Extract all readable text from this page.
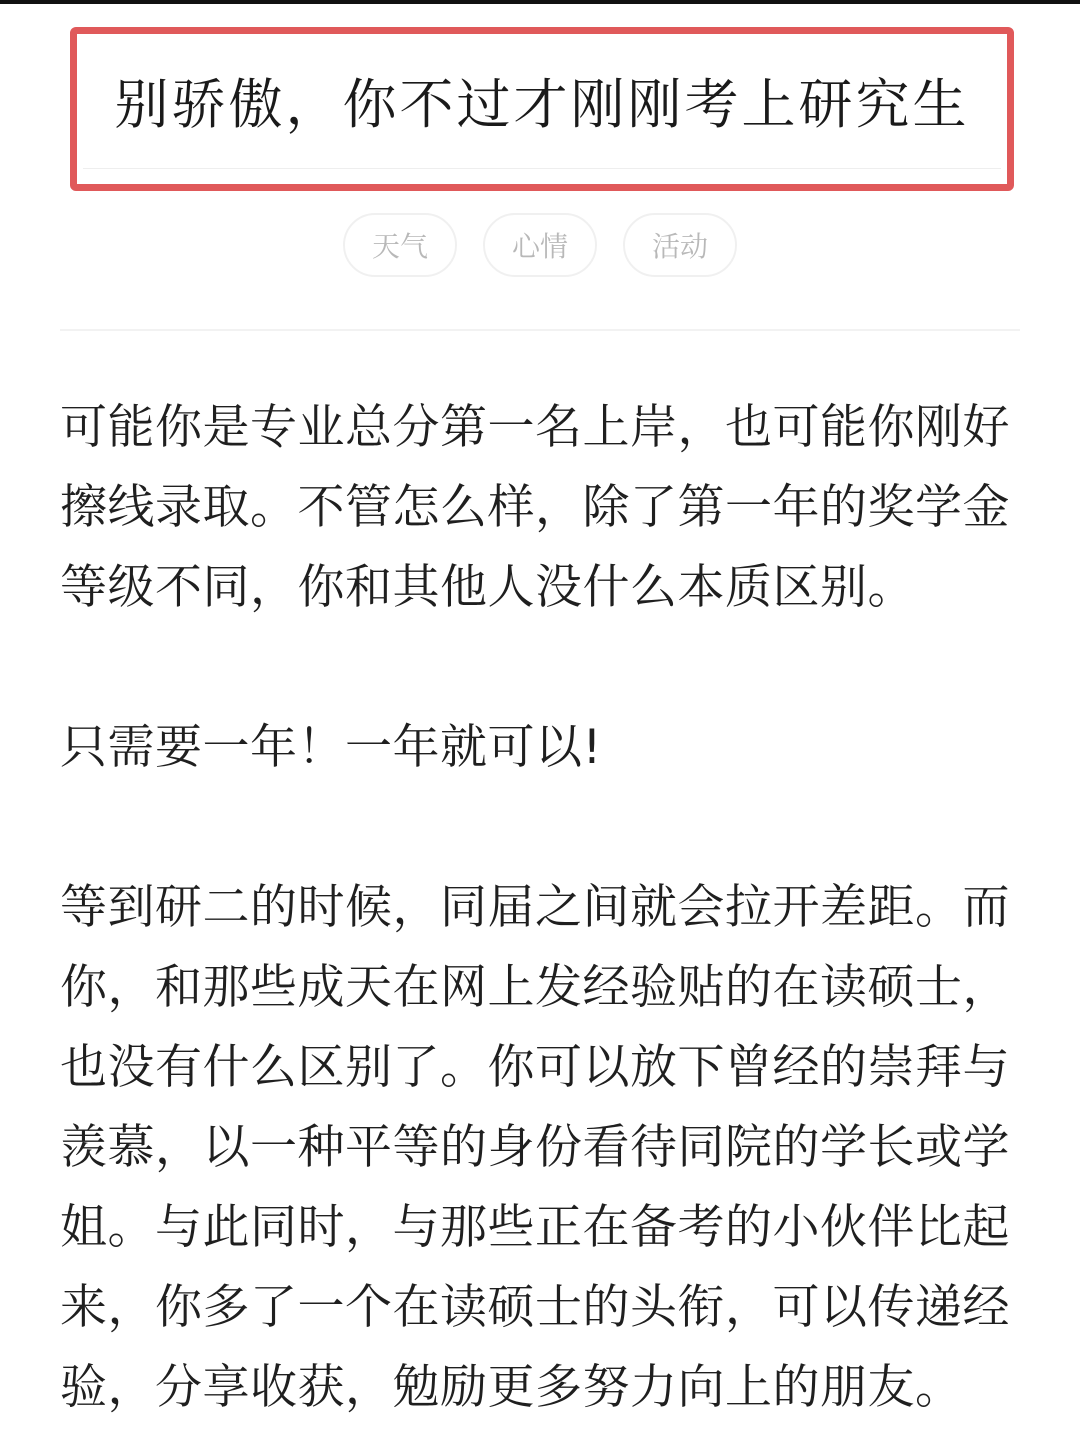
别骄傲，你不过才刚刚考上研究生
天气	心情	活动

可能你是专业总分第一名上岸，也可能你刚好擦线录取。不管怎么样，除了第一年的奖学金等级不同，你和其他人没什么本质区别。

只需要一年！一年就可以!

等到研二的时候，同届之间就会拉开差距。而你，和那些成天在网上发经验贴的在读硕士，也没有什么区别了。你可以放下曾经的崇拜与羡慕，以一种平等的身份看待同院的学长或学姐。与此同时，与那些正在备考的小伙伴比起来，你多了一个在读硕士的头衔，可以传递经验，分享收获，勉励更多努力向上的朋友。
